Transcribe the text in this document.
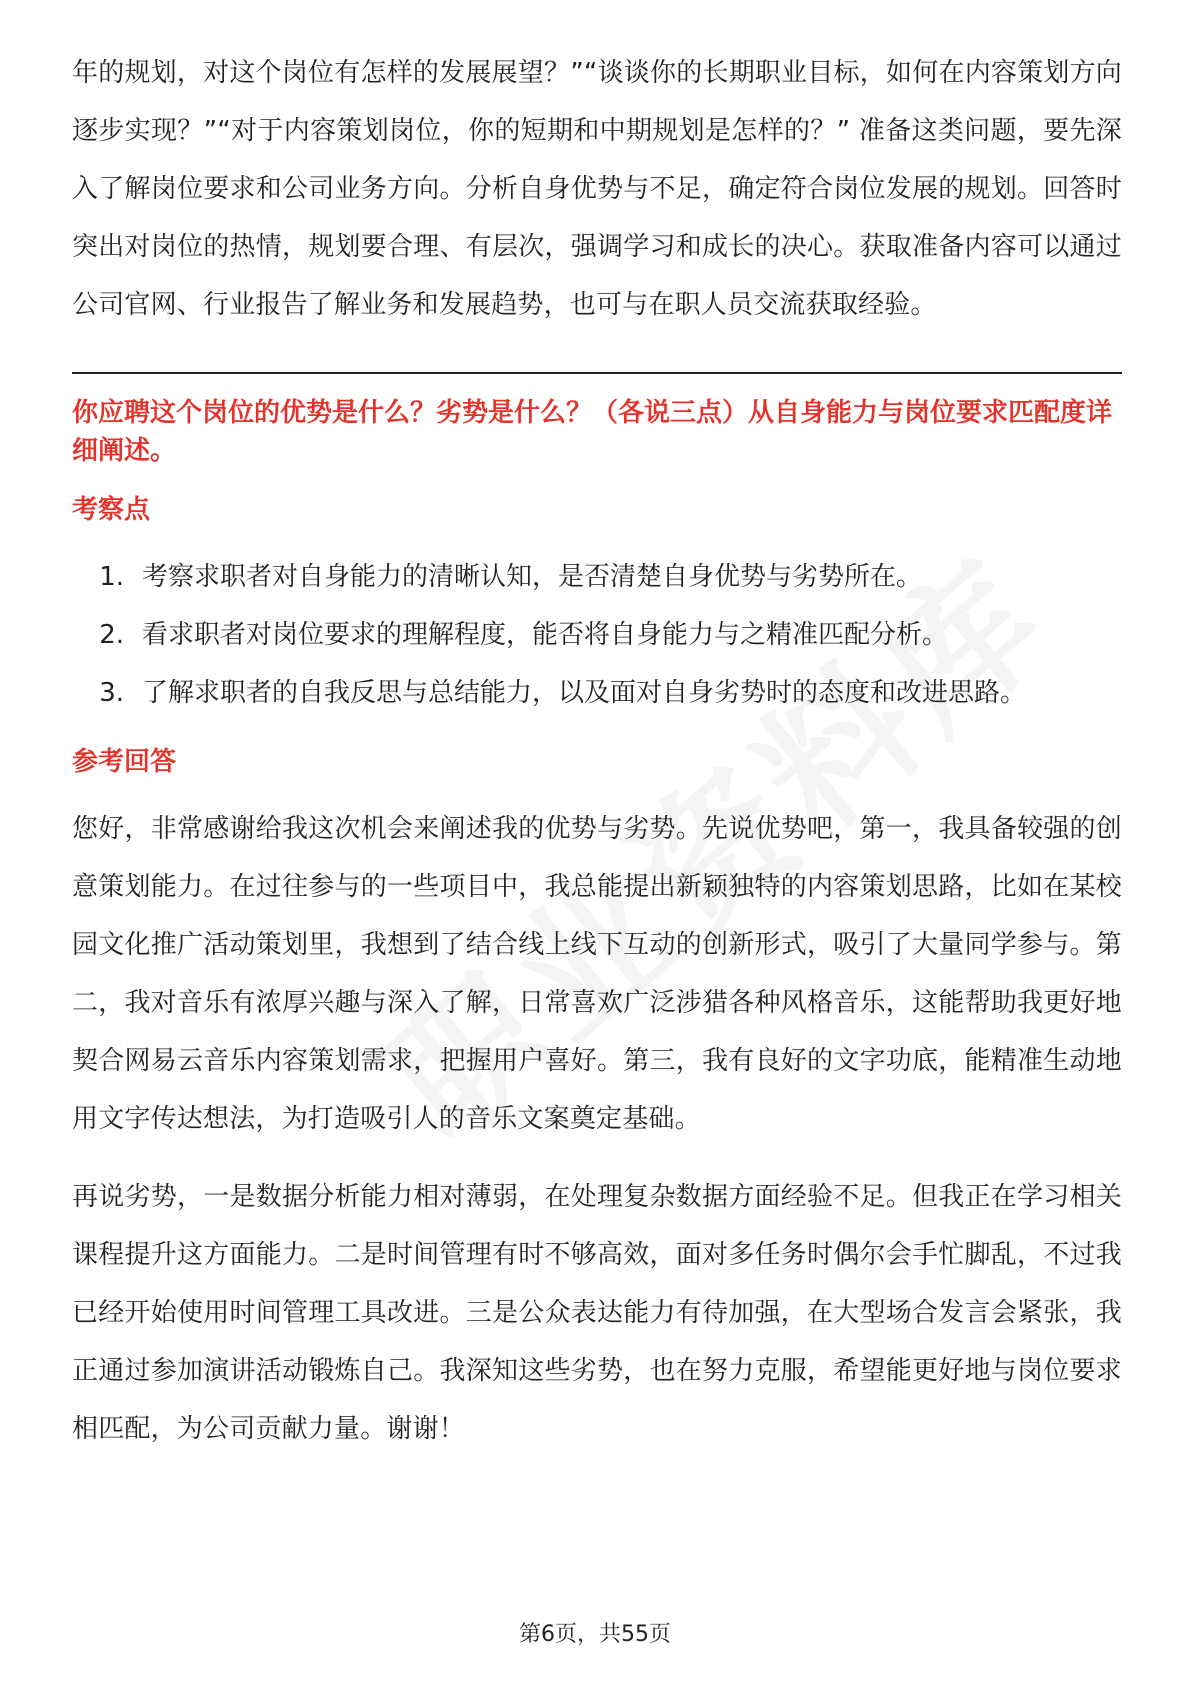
年的规划，对这个岗位有怎样的发展展望？”“谈谈你的长期职业目标，如何在内容策划方向逐步实现？”“对于内容策划岗位，你的短期和中期规划是怎样的？” 准备这类问题，要先深入了解岗位要求和公司业务方向。分析自身优势与不足，确定符合岗位发展的规划。回答时突出对岗位的热情，规划要合理、有层次，强调学习和成长的决心。获取准备内容可以通过公司官网、行业报告了解业务和发展趋势，也可与在职人员交流获取经验。

你应聘这个岗位的优势是什么？劣势是什么？（各说三点）从自身能力与岗位要求匹配度详细阐述。

考察点
1. 考察求职者对自身能力的清晰认知，是否清楚自身优势与劣势所在。
2. 看求职者对岗位要求的理解程度，能否将自身能力与之精准匹配分析。
3. 了解求职者的自我反思与总结能力，以及面对自身劣势时的态度和改进思路。
参考回答

您好，非常感谢给我这次机会来阐述我的优势与劣势。先说优势吧，第一，我具备较强的创意策划能力。在过往参与的一些项目中，我总能提出新颖独特的内容策划思路，比如在某校园文化推广活动策划里，我想到了结合线上线下互动的创新形式，吸引了大量同学参与。第二，我对音乐有浓厚兴趣与深入了解，日常喜欢广泛涉猎各种风格音乐，这能帮助我更好地契合网易云音乐内容策划需求，把握用户喜好。第三，我有良好的文字功底，能精准生动地用文字传达想法，为打造吸引人的音乐文案奠定基础。

再说劣势，一是数据分析能力相对薄弱，在处理复杂数据方面经验不足。但我正在学习相关课程提升这方面能力。二是时间管理有时不够高效，面对多任务时偶尔会手忙脚乱，不过我已经开始使用时间管理工具改进。三是公众表达能力有待加强，在大型场合发言会紧张，我正通过参加演讲活动锻炼自己。我深知这些劣势，也在努力克服，希望能更好地与岗位要求相匹配，为公司贡献力量。谢谢！

第6页，共55页
